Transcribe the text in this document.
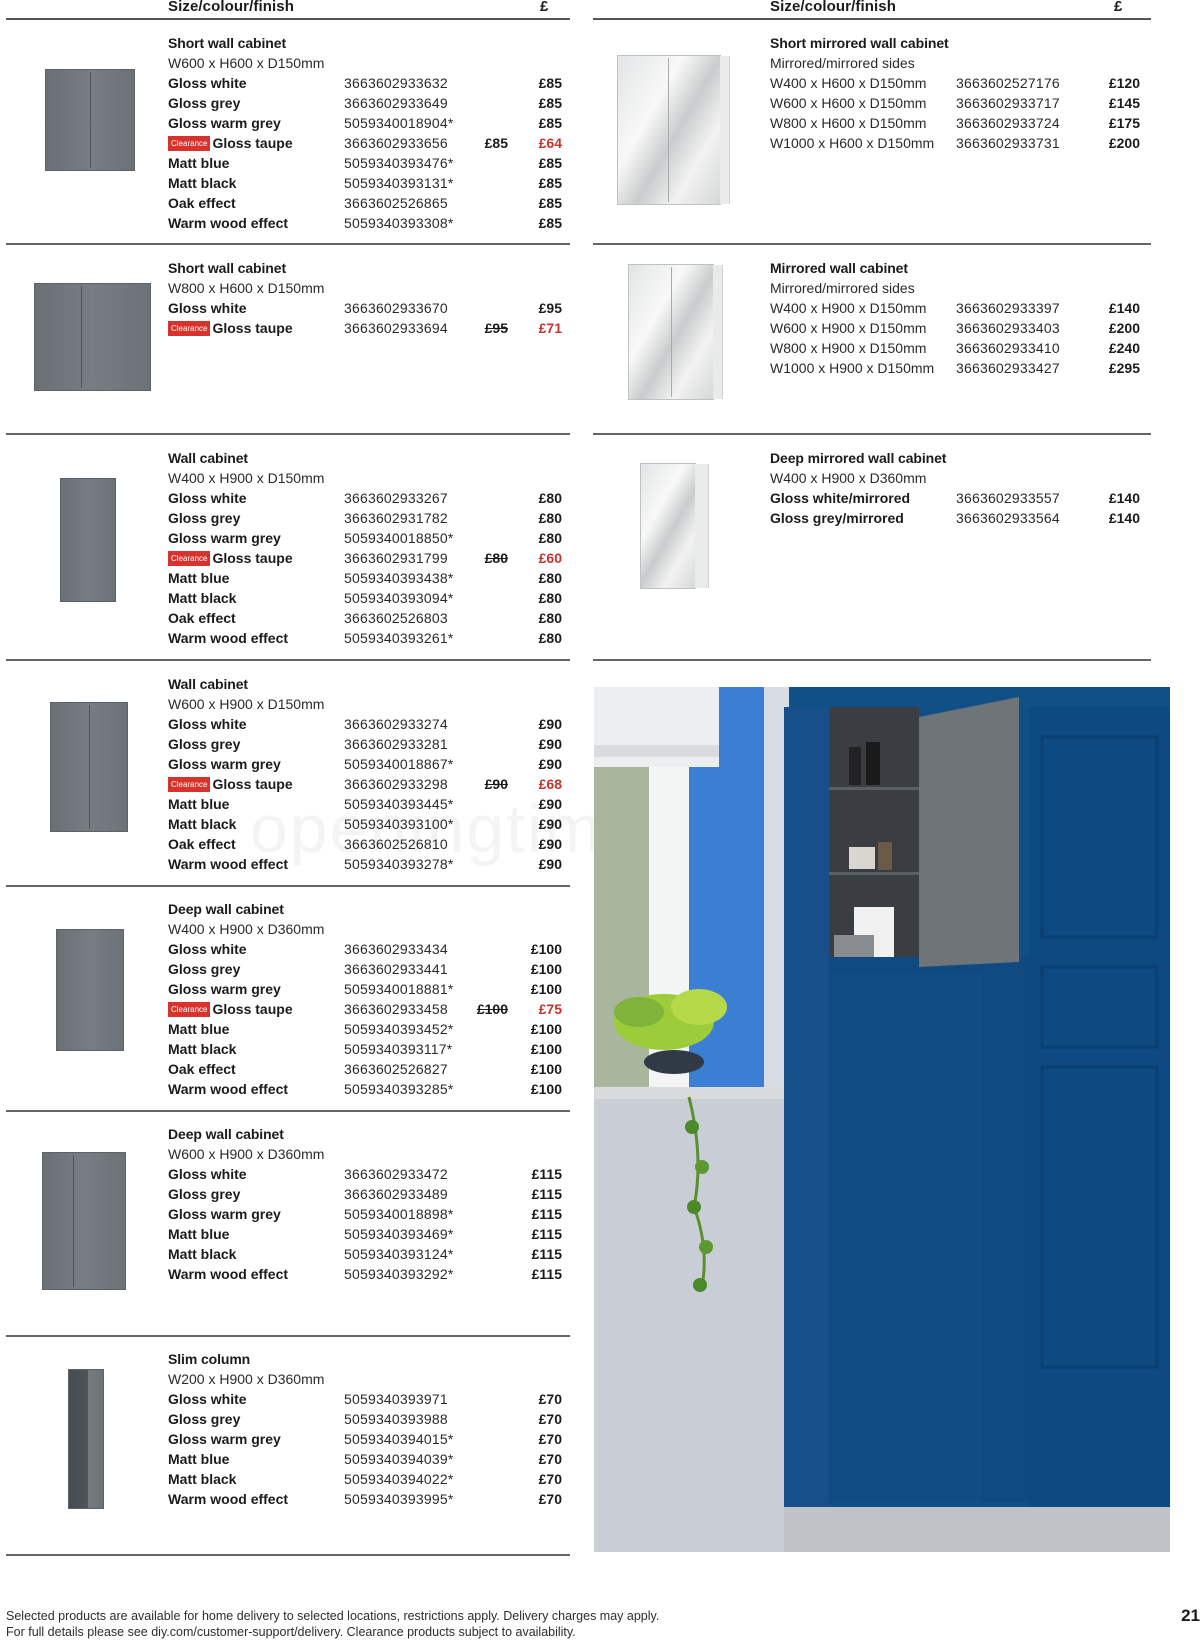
Size/colour/finish	£	Size/colour/finish	£
Short wall cabinet
W600 x H600 x D150mm
Gloss white	3663602933632	£85
Gloss grey	3663602933649	£85
Gloss warm grey	5059340018904*	£85
Clearance Gloss taupe	3663602933656	£85 £64
Matt blue	5059340393476*	£85
Matt black	5059340393131*	£85
Oak effect	3663602526865	£85
Warm wood effect	5059340393308*	£85
Short wall cabinet
W800 x H600 x D150mm
Gloss white	3663602933670	£95
Clearance Gloss taupe	3663602933694	£95 £71
Wall cabinet
W400 x H900 x D150mm
Gloss white	3663602933267	£80
Gloss grey	3663602931782	£80
Gloss warm grey	5059340018850*	£80
Clearance Gloss taupe	3663602931799	£80 £60
Matt blue	5059340393438*	£80
Matt black	5059340393094*	£80
Oak effect	3663602526803	£80
Warm wood effect	5059340393261*	£80
Wall cabinet
W600 x H900 x D150mm
Gloss white	3663602933274	£90
Gloss grey	3663602933281	£90
Gloss warm grey	5059340018867*	£90
Clearance Gloss taupe	3663602933298	£90 £68
Matt blue	5059340393445*	£90
Matt black	5059340393100*	£90
Oak effect	3663602526810	£90
Warm wood effect	5059340393278*	£90
Deep wall cabinet
W400 x H900 x D360mm
Gloss white	3663602933434	£100
Gloss grey	3663602933441	£100
Gloss warm grey	5059340018881*	£100
Clearance Gloss taupe	3663602933458 £100 £75
Matt blue	5059340393452*	£100
Matt black	5059340393117*	£100
Oak effect	3663602526827	£100
Warm wood effect	5059340393285*	£100
Deep wall cabinet
W600 x H900 x D360mm
Gloss white	3663602933472	£115
Gloss grey	3663602933489	£115
Gloss warm grey	5059340018898*	£115
Matt blue	5059340393469*	£115
Matt black	5059340393124*	£115
Warm wood effect	5059340393292*	£115
Slim column
W200 x H900 x D360mm
Gloss white	5059340393971	£70
Gloss grey	5059340393988	£70
Gloss warm grey	5059340394015*	£70
Matt blue	5059340394039*	£70
Matt black	5059340394022*	£70
Warm wood effect	5059340393995*	£70
Short mirrored wall cabinet
Mirrored/mirrored sides
W400 x H600 x D150mm 3663602527176	£120
W600 x H600 x D150mm 3663602933717	£145
W800 x H600 x D150mm 3663602933724	£175
W1000 x H600 x D150mm 3663602933731	£200
Mirrored wall cabinet
Mirrored/mirrored sides
W400 x H900 x D150mm 3663602933397	£140
W600 x H900 x D150mm 3663602933403	£200
W800 x H900 x D150mm 3663602933410	£240
W1000 x H900 x D150mm 3663602933427	£295
Deep mirrored wall cabinet
W400 x H900 x D360mm
Gloss white/mirrored	3663602933557	£140
Gloss grey/mirrored	3663602933564	£140
Selected products are available for home delivery to selected locations, restrictions apply. Delivery charges may apply.
For full details please see diy.com/customer-support/delivery. Clearance products subject to availability.
21
